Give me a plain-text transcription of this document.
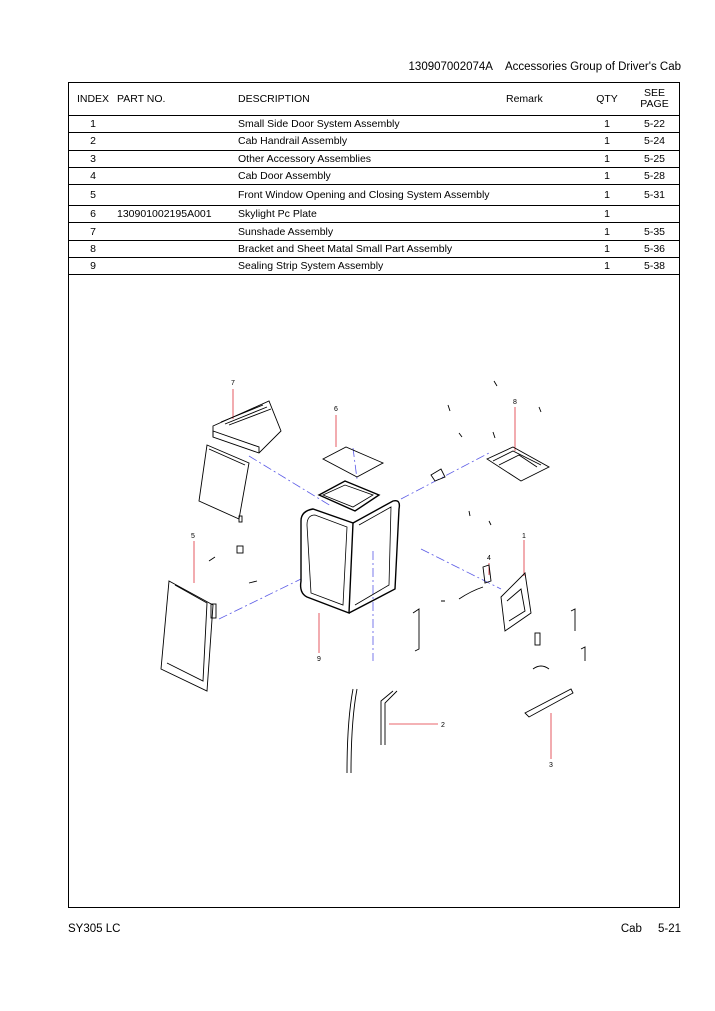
130907002074A Accessories Group of Driver's Cab
INDEX	PART NO.	DESCRIPTION	Remark	QTY	SEE
PAGE
1		Small Side Door System Assembly		1	5-22
2		Cab Handrail Assembly		1	5-24
3		Other Accessory Assemblies		1	5-25
4		Cab Door Assembly		1	5-28
5		Front Window Opening and Closing System Assembly		1	5-31
6	130901002195A001	Skylight Pc Plate		1	
7		Sunshade Assembly		1	5-35
8		Bracket and Sheet Matal Small Part Assembly		1	5-36
9		Sealing Strip System Assembly		1	5-38
7
6
8
5
4
1
9
2
3
SY305 LC	Cab 5-21
